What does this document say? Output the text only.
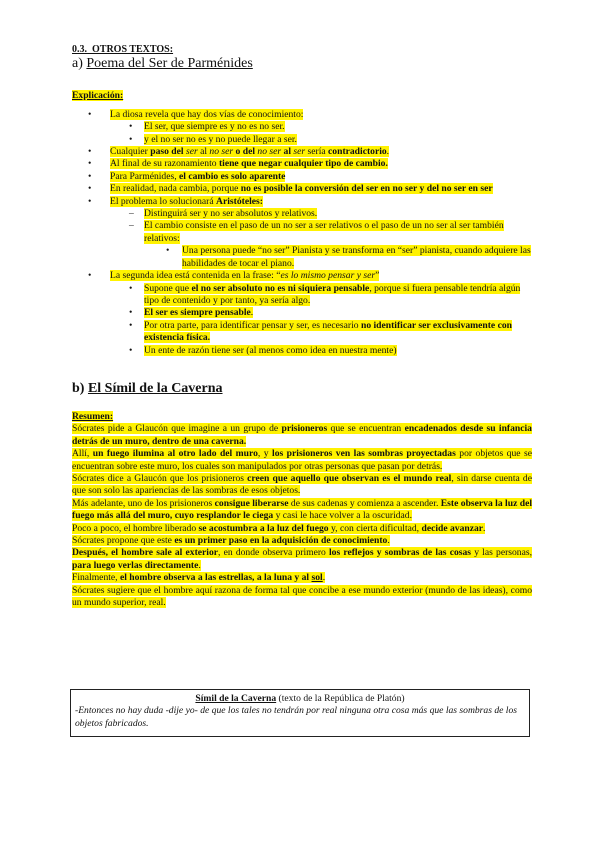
0.3. OTROS TEXTOS:

a) Poema del Ser de Parménides

Explicación:

• La diosa revela que hay dos vías de conocimiento:
• El ser, que siempre es y no es no ser.
• y el no ser no es y no puede llegar a ser.
• Cualquier paso del ser al no ser o del no ser al ser sería contradictorio.
• Al final de su razonamiento tiene que negar cualquier tipo de cambio.
• Para Parménides, el cambio es solo aparente
• En realidad, nada cambia, porque no es posible la conversión del ser en no ser y del no ser en ser
• El problema lo solucionará Aristóteles:
– Distinguirá ser y no ser absolutos y relativos.
– El cambio consiste en el paso de un no ser a ser relativos o el paso de un no ser al ser también relativos:
• Una persona puede “no ser” Pianista y se transforma en “ser” pianista, cuando adquiere las habilidades de tocar el piano.
• La segunda idea está contenida en la frase: “es lo mismo pensar y ser”
• Supone que el no ser absoluto no es ni siquiera pensable, porque si fuera pensable tendría algún tipo de contenido y por tanto, ya sería algo.
• El ser es siempre pensable.
• Por otra parte, para identificar pensar y ser, es necesario no identificar ser exclusivamente con existencia física.
• Un ente de razón tiene ser (al menos como idea en nuestra mente)

b) El Símil de la Caverna

Resumen:

Sócrates pide a Glaucón que imagine a un grupo de prisioneros que se encuentran encadenados desde su infancia detrás de un muro, dentro de una caverna.

Allí, un fuego ilumina al otro lado del muro, y los prisioneros ven las sombras proyectadas por objetos que se encuentran sobre este muro, los cuales son manipulados por otras personas que pasan por detrás.

Sócrates dice a Glaucón que los prisioneros creen que aquello que observan es el mundo real, sin darse cuenta de que son solo las apariencias de las sombras de esos objetos.

Más adelante, uno de los prisioneros consigue liberarse de sus cadenas y comienza a ascender. Este observa la luz del fuego más allá del muro, cuyo resplandor le ciega y casi le hace volver a la oscuridad.

Poco a poco, el hombre liberado se acostumbra a la luz del fuego y, con cierta dificultad, decide avanzar.

Sócrates propone que este es un primer paso en la adquisición de conocimiento.

Después, el hombre sale al exterior, en donde observa primero los reflejos y sombras de las cosas y las personas, para luego verlas directamente.

Finalmente, el hombre observa a las estrellas, a la luna y al sol.

Sócrates sugiere que el hombre aquí razona de forma tal que concibe a ese mundo exterior (mundo de las ideas), como un mundo superior, real.

Símil de la Caverna (texto de la República de Platón)

-Entonces no hay duda -dije yo- de que los tales no tendrán por real ninguna otra cosa más que las sombras de los objetos fabricados.
